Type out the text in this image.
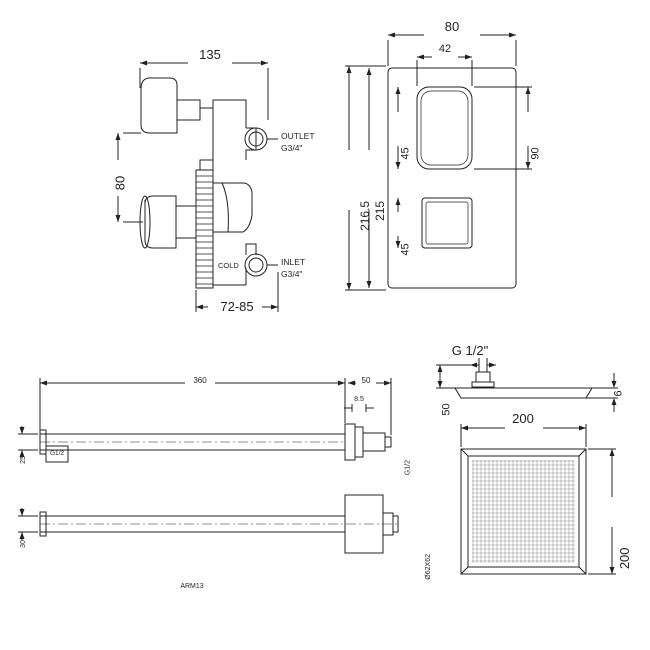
135

80

72-85
OUTLET
G3/4"
INLET
G3/4"
COLD
80
42

90

45

45

216.5
215

360	50
8.5

25

G1/2

G1/2

30

Ø62X62

ARM13
G 1/2"

50

6

200

200
